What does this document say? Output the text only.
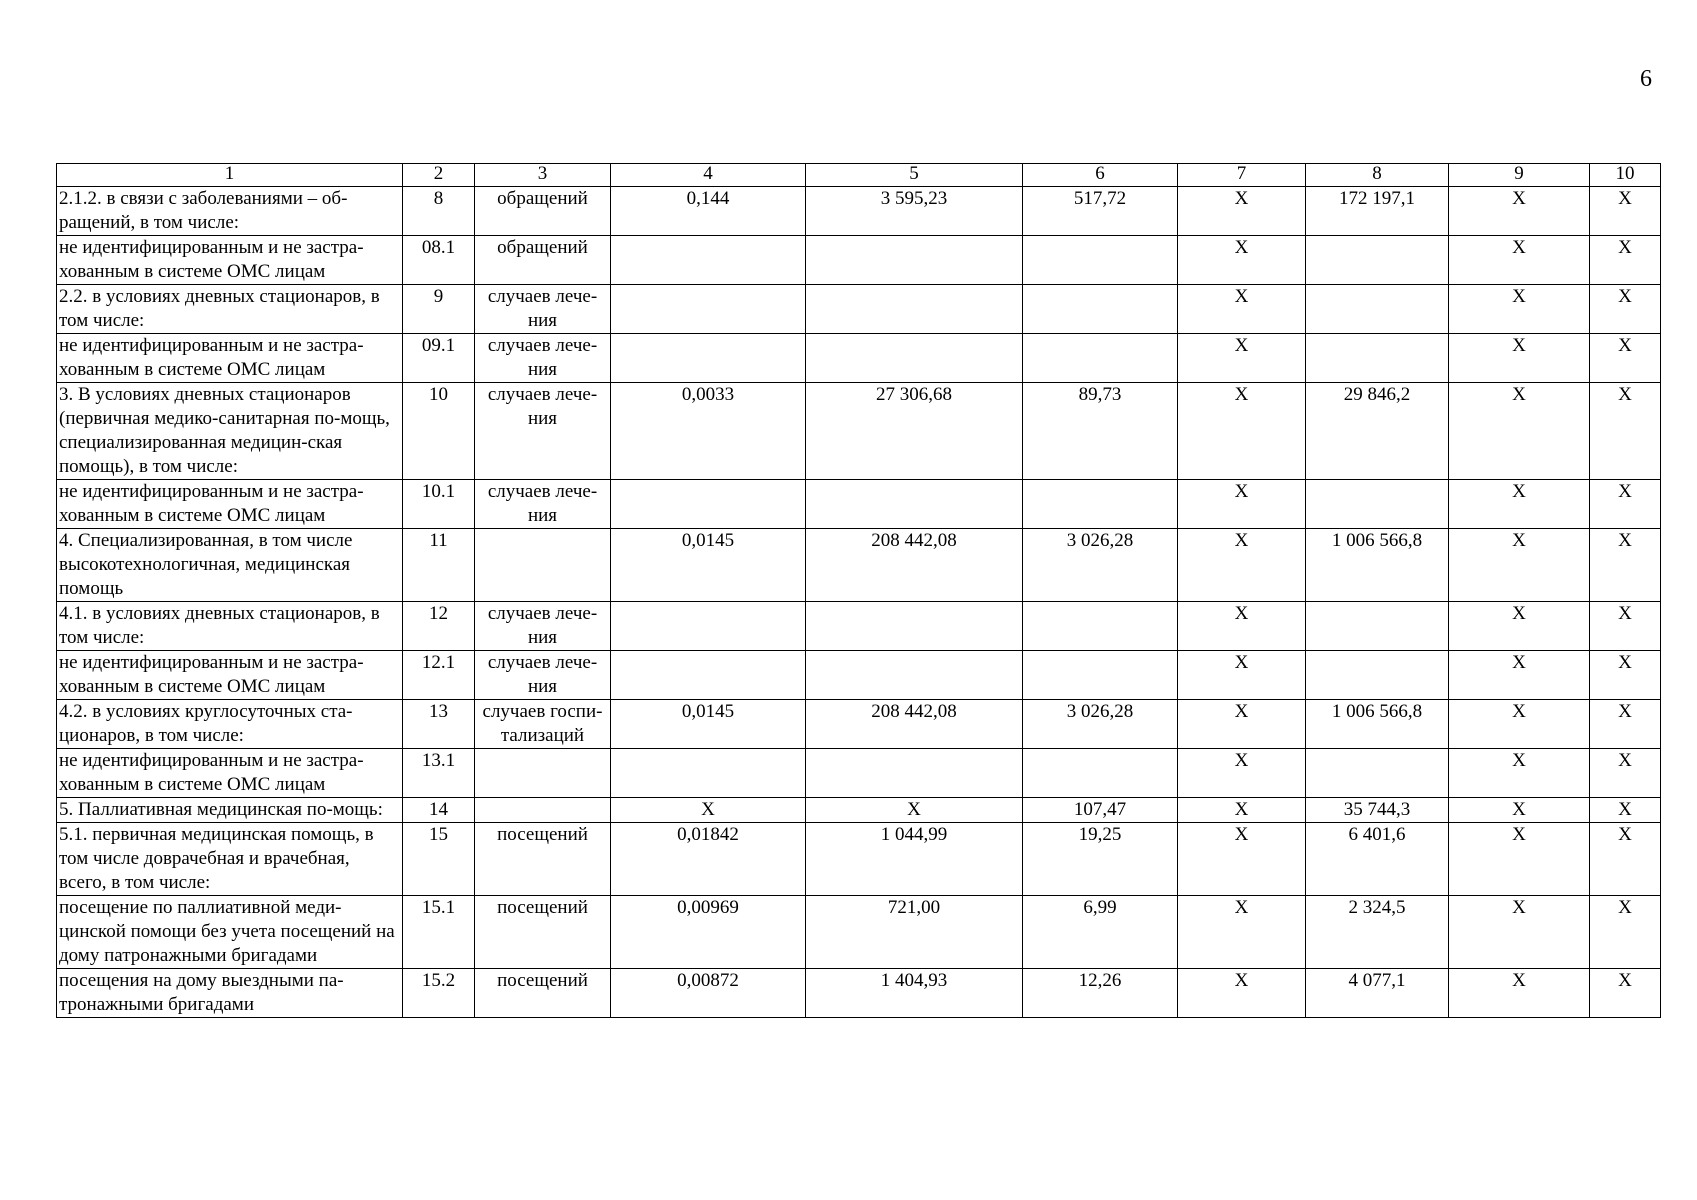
6
1	2	3	4	5	6	7	8	9	10
2.1.2. в связи с заболеваниями – об-ращений, в том числе:	8	обращений	0,144	3 595,23	517,72	X	172 197,1	X	X
не идентифицированным и не застра-хованным в системе ОМС лицам	08.1	обращений				X		X	X
2.2. в условиях дневных стационаров, в том числе:	9	случаев лече-ния				X		X	X
не идентифицированным и не застра-хованным в системе ОМС лицам	09.1	случаев лече-ния				X		X	X
3. В условиях дневных стационаров (первичная медико-санитарная по-мощь, специализированная медицин-ская помощь), в том числе:	10	случаев лече-ния	0,0033	27 306,68	89,73	X	29 846,2	X	X
не идентифицированным и не застра-хованным в системе ОМС лицам	10.1	случаев лече-ния				X		X	X
4. Специализированная, в том числе высокотехнологичная, медицинская помощь	11		0,0145	208 442,08	3 026,28	X	1 006 566,8	X	X
4.1. в условиях дневных стационаров, в том числе:	12	случаев лече-ния				X		X	X
не идентифицированным и не застра-хованным в системе ОМС лицам	12.1	случаев лече-ния				X		X	X
4.2. в условиях круглосуточных ста-ционаров, в том числе:	13	случаев госпи-тализаций	0,0145	208 442,08	3 026,28	X	1 006 566,8	X	X
не идентифицированным и не застра-хованным в системе ОМС лицам	13.1					X		X	X
5. Паллиативная медицинская по-мощь:	14		X	X	107,47	X	35 744,3	X	X
5.1. первичная медицинская помощь, в том числе доврачебная и врачебная, всего, в том числе:	15	посещений	0,01842	1 044,99	19,25	X	6 401,6	X	X
посещение по паллиативной меди-цинской помощи без учета посещений на дому патронажными бригадами	15.1	посещений	0,00969	721,00	6,99	X	2 324,5	X	X
посещения на дому выездными па-тронажными бригадами	15.2	посещений	0,00872	1 404,93	12,26	X	4 077,1	X	X
